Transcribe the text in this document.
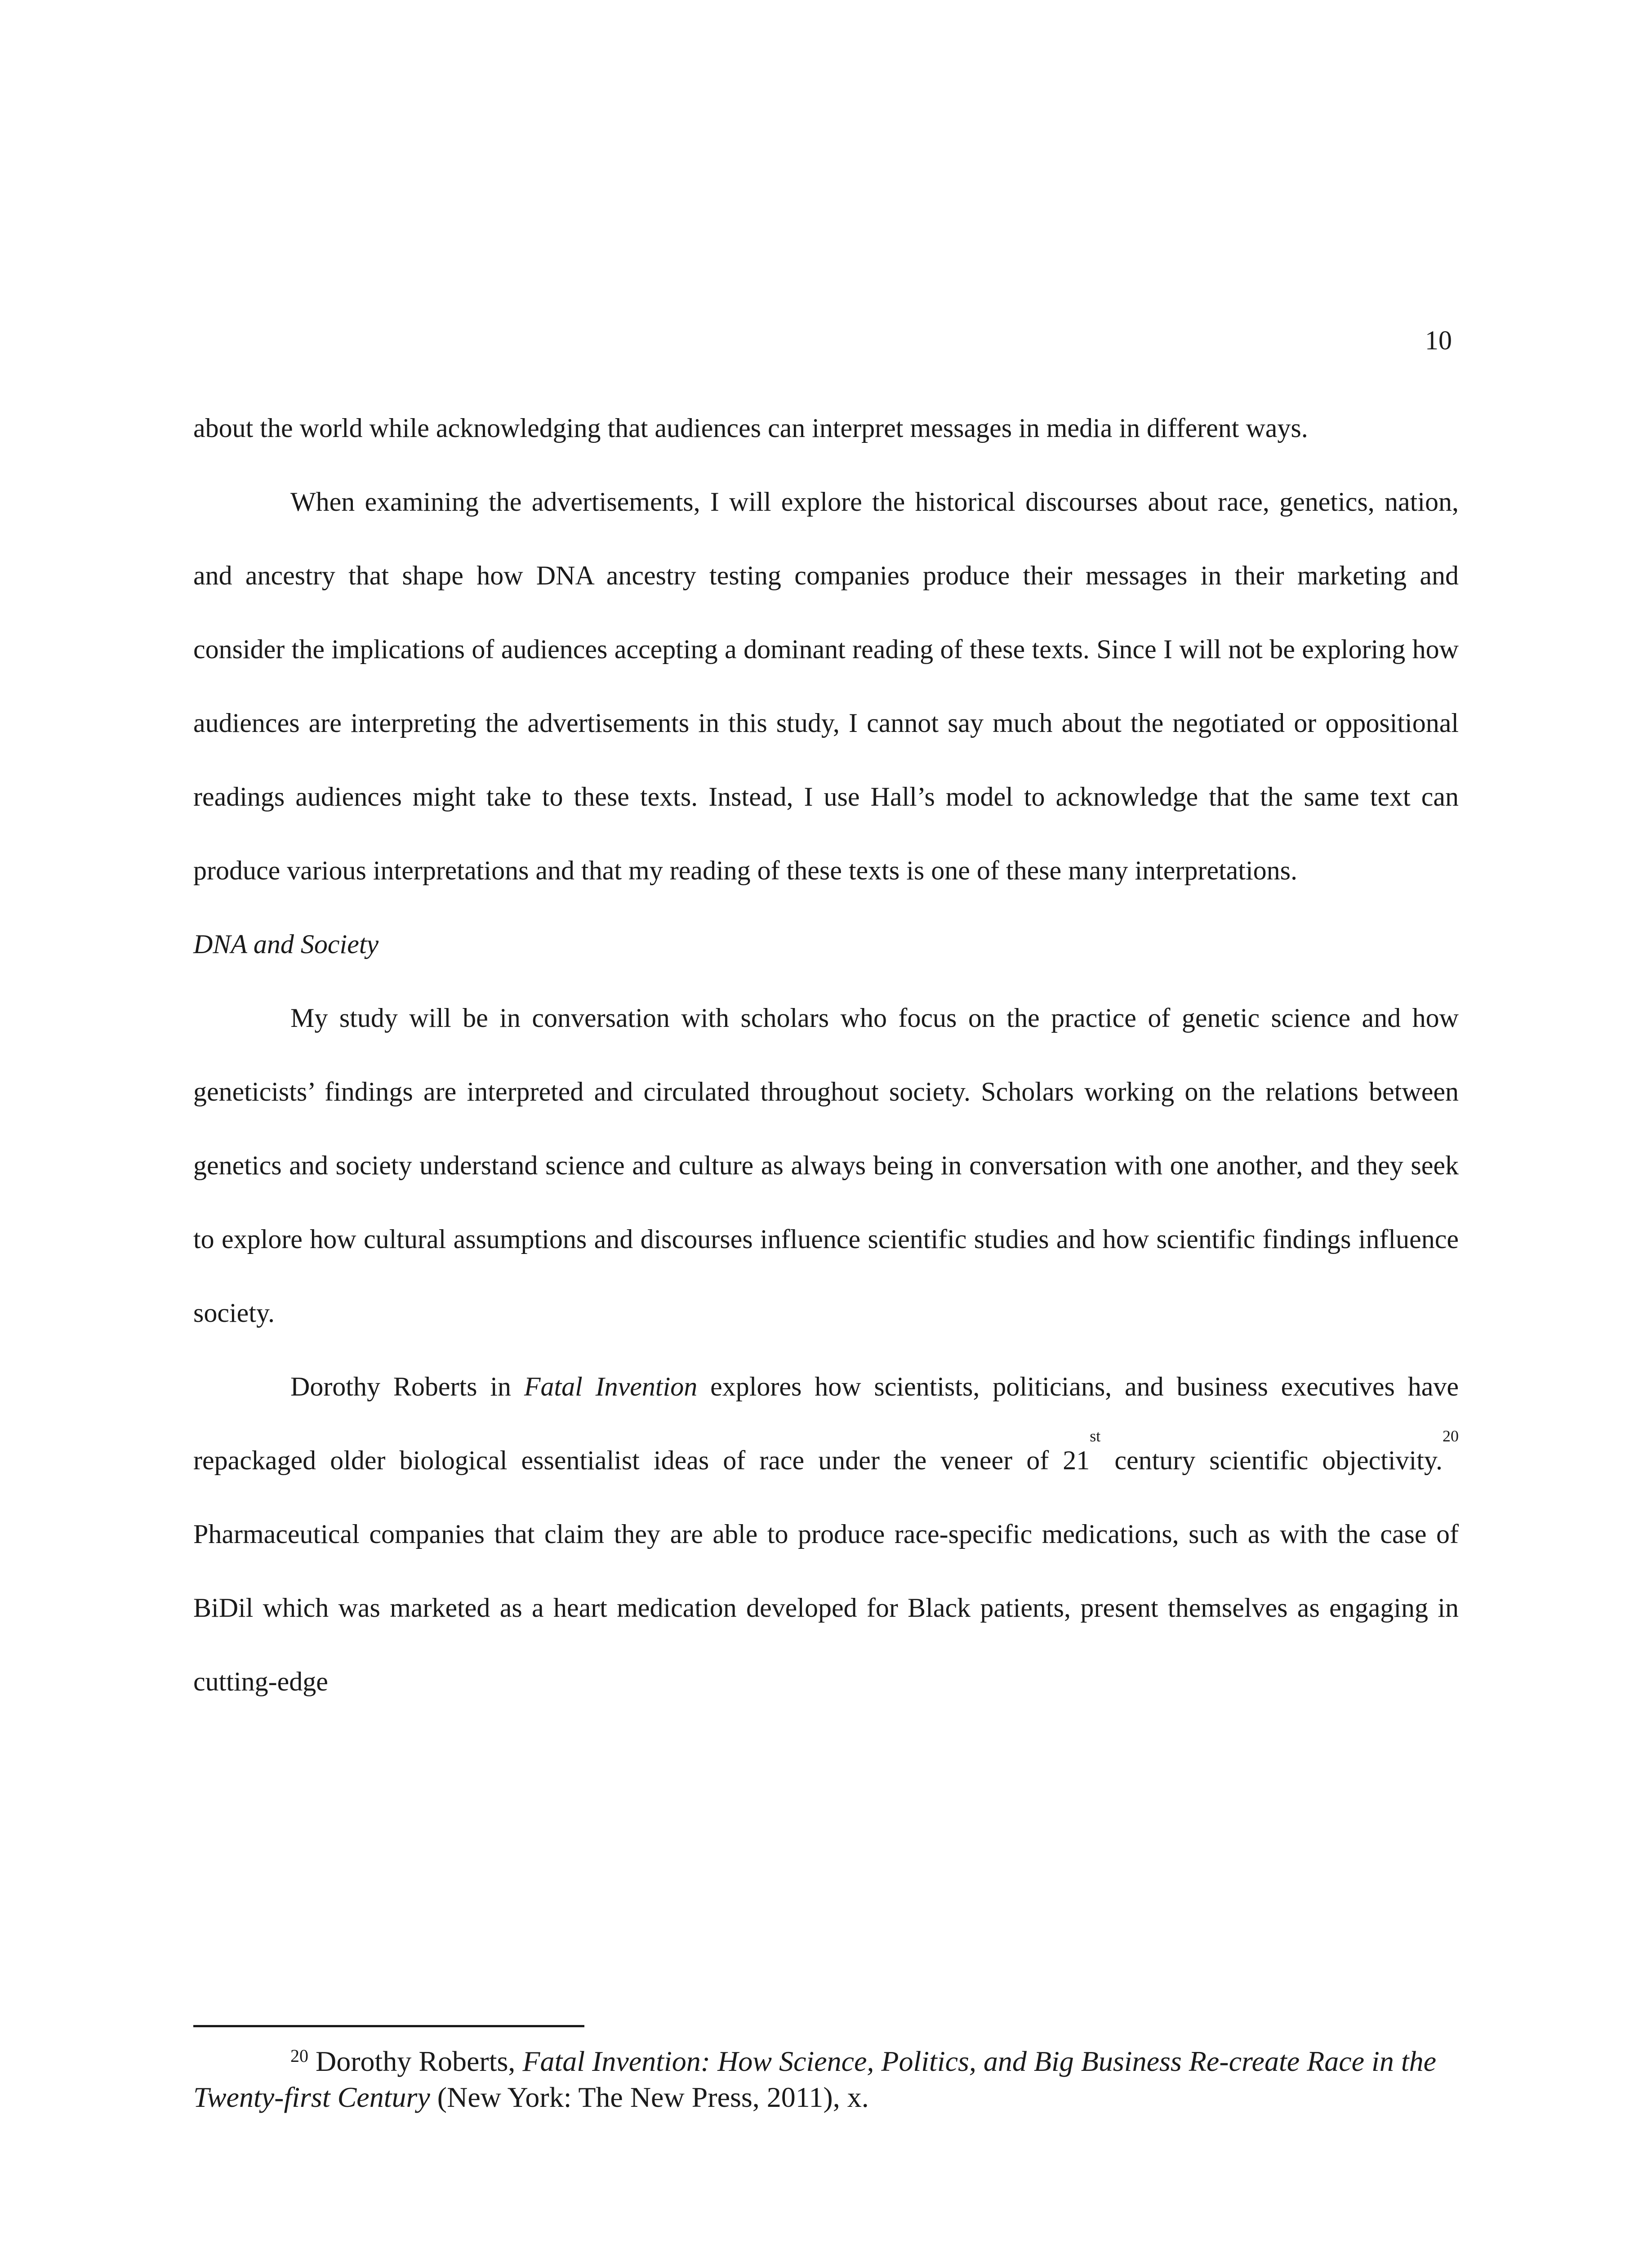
10

about the world while acknowledging that audiences can interpret messages in media in different ways.

When examining the advertisements, I will explore the historical discourses about race, genetics, nation, and ancestry that shape how DNA ancestry testing companies produce their messages in their marketing and consider the implications of audiences accepting a dominant reading of these texts. Since I will not be exploring how audiences are interpreting the advertisements in this study, I cannot say much about the negotiated or oppositional readings audiences might take to these texts. Instead, I use Hall’s model to acknowledge that the same text can produce various interpretations and that my reading of these texts is one of these many interpretations.

DNA and Society

My study will be in conversation with scholars who focus on the practice of genetic science and how geneticists’ findings are interpreted and circulated throughout society. Scholars working on the relations between genetics and society understand science and culture as always being in conversation with one another, and they seek to explore how cultural assumptions and discourses influence scientific studies and how scientific findings influence society.

Dorothy Roberts in Fatal Invention explores how scientists, politicians, and business executives have repackaged older biological essentialist ideas of race under the veneer of 21st century scientific objectivity.$^{20}$ Pharmaceutical companies that claim they are able to produce race-specific medications, such as with the case of BiDil which was marketed as a heart medication developed for Black patients, present themselves as engaging in cutting-edge

$^{20}$ Dorothy Roberts, Fatal Invention: How Science, Politics, and Big Business Re-create Race in the Twenty-first Century (New York: The New Press, 2011), x.
